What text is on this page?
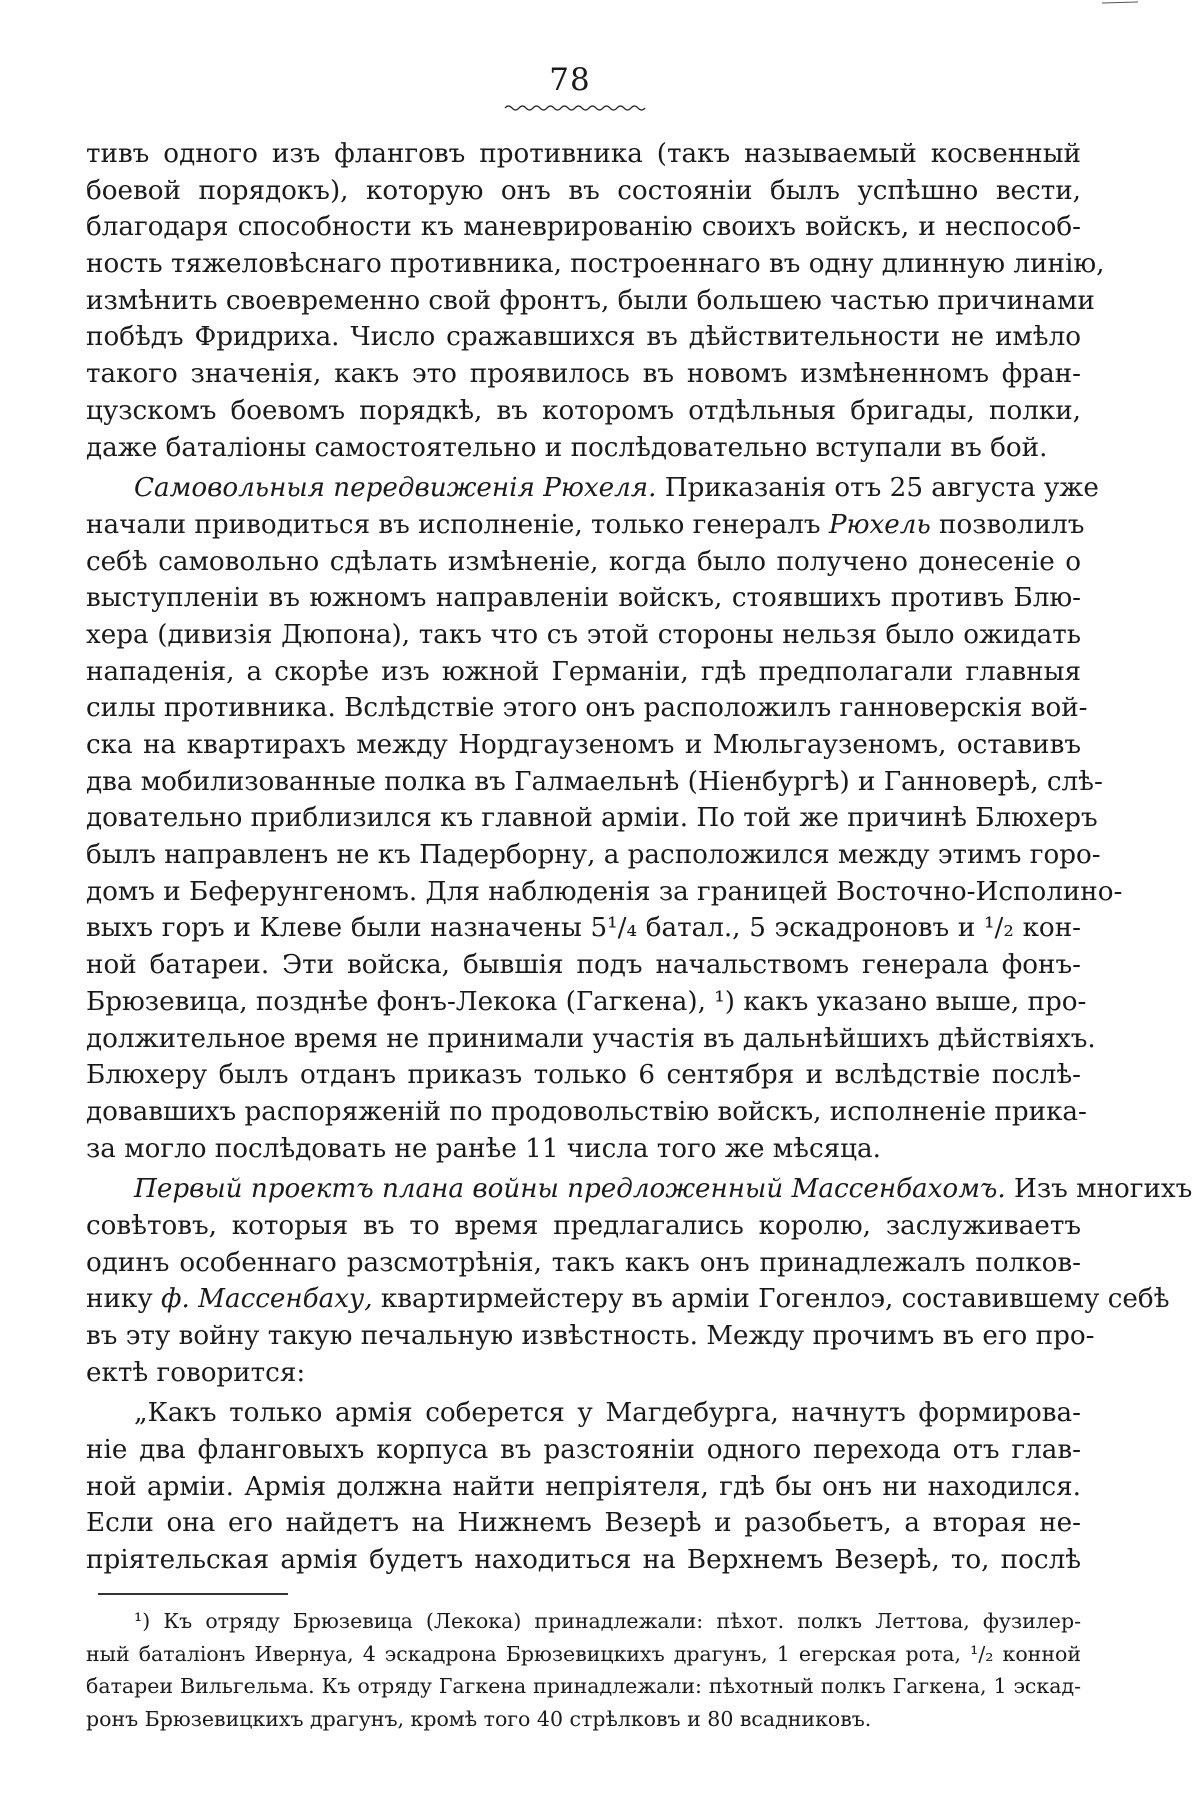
78
тивъ одного изъ фланговъ противника (такъ называемый косвенный
боевой порядокъ), которую онъ въ состояніи былъ успѣшно вести,
благодаря способности къ маневрированію своихъ войскъ, и неспособ-
ность тяжеловѣснаго противника, построеннаго въ одну длинную линію,
измѣнить своевременно свой фронтъ, были большею частью причинами
побѣдъ Фридриха. Число сражавшихся въ дѣйствительности не имѣло
такого значенія, какъ это проявилось въ новомъ измѣненномъ фран-
цузскомъ боевомъ порядкѣ, въ которомъ отдѣльныя бригады, полки,
даже баталіоны самостоятельно и послѣдовательно вступали въ бой.
Самовольныя передвиженія Рюхеля. Приказанія отъ 25 августа уже
начали приводиться въ исполненіе, только генералъ Рюхель позволилъ
себѣ самовольно сдѣлать измѣненіе, когда было получено донесеніе о
выступленіи въ южномъ направленіи войскъ, стоявшихъ противъ Блю-
хера (дивизія Дюпона), такъ что съ этой стороны нельзя было ожидать
нападенія, а скорѣе изъ южной Германіи, гдѣ предполагали главныя
силы противника. Вслѣдствіе этого онъ расположилъ ганноверскія вой-
ска на квартирахъ между Нордгаузеномъ и Мюльгаузеномъ, оставивъ
два мобилизованные полка въ Галмаельнѣ (Ніенбургѣ) и Ганноверѣ, слѣ-
довательно приблизился къ главной арміи. По той же причинѣ Блюхеръ
былъ направленъ не къ Падерборну, а расположился между этимъ горо-
домъ и Беферунгеномъ. Для наблюденія за границей Восточно-Исполино-
выхъ горъ и Клеве были назначены 5¹/₄ батал., 5 эскадроновъ и ¹/₂ кон-
ной батареи. Эти войска, бывшія подъ начальствомъ генерала фонъ-
Брюзевица, позднѣе фонъ-Лекока (Гагкена), ¹) какъ указано выше, про-
должительное время не принимали участія въ дальнѣйшихъ дѣйствіяхъ.
Блюхеру былъ отданъ приказъ только 6 сентября и вслѣдствіе послѣ-
довавшихъ распоряженій по продовольствію войскъ, исполненіе прика-
за могло послѣдовать не ранѣе 11 числа того же мѣсяца.
Первый проектъ плана войны предложенный Массенбахомъ. Изъ многихъ
совѣтовъ, которыя въ то время предлагались королю, заслуживаетъ
одинъ особеннаго разсмотрѣнія, такъ какъ онъ принадлежалъ полков-
нику ф. Массенбаху, квартирмейстеру въ арміи Гогенлоэ, составившему себѣ
въ эту войну такую печальную извѣстность. Между прочимъ въ его про-
ектѣ говорится:
„Какъ только армія соберется у Магдебурга, начнутъ формирова-
ніе два фланговыхъ корпуса въ разстояніи одного перехода отъ глав-
ной арміи. Армія должна найти непріятеля, гдѣ бы онъ ни находился.
Если она его найдетъ на Нижнемъ Везерѣ и разобьетъ, а вторая не-
пріятельская армія будетъ находиться на Верхнемъ Везерѣ, то, послѣ
¹) Къ отряду Брюзевица (Лекока) принадлежали: пѣхот. полкъ Леттова, фузилер-
ный баталіонъ Ивернуа, 4 эскадрона Брюзевицкихъ драгунъ, 1 егерская рота, ¹/₂ конной
батареи Вильгельма. Къ отряду Гагкена принадлежали: пѣхотный полкъ Гагкена, 1 эскад-
ронъ Брюзевицкихъ драгунъ, кромѣ того 40 стрѣлковъ и 80 всадниковъ.
